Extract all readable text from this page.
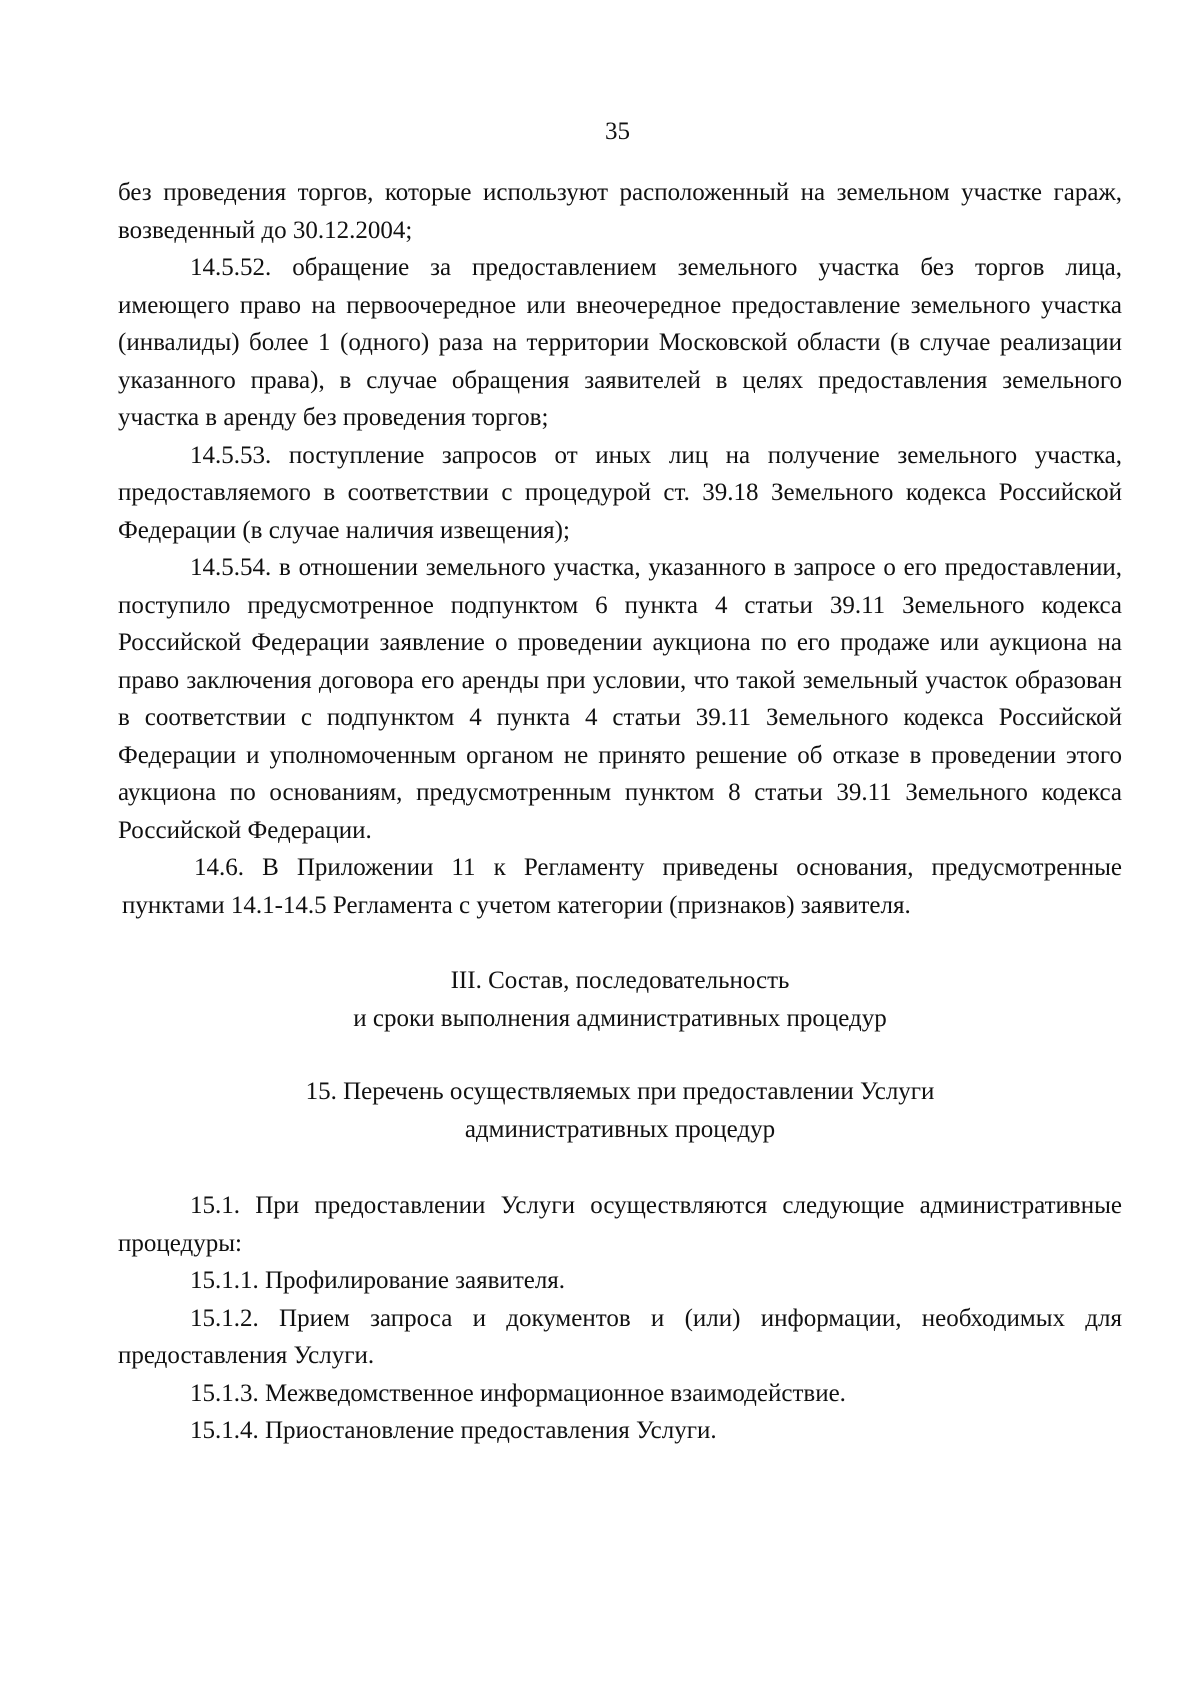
35

без проведения торгов, которые используют расположенный на земельном участке гараж, возведенный до 30.12.2004;

14.5.52. обращение за предоставлением земельного участка без торгов лица, имеющего право на первоочередное или внеочередное предоставление земельного участка (инвалиды) более 1 (одного) раза на территории Московской области (в случае реализации указанного права), в случае обращения заявителей в целях предоставления земельного участка в аренду без проведения торгов;

14.5.53. поступление запросов от иных лиц на получение земельного участка, предоставляемого в соответствии с процедурой ст. 39.18 Земельного кодекса Российской Федерации (в случае наличия извещения);

14.5.54. в отношении земельного участка, указанного в запросе о его предоставлении, поступило предусмотренное подпунктом 6 пункта 4 статьи 39.11 Земельного кодекса Российской Федерации заявление о проведении аукциона по его продаже или аукциона на право заключения договора его аренды при условии, что такой земельный участок образован в соответствии с подпунктом 4 пункта 4 статьи 39.11 Земельного кодекса Российской Федерации и уполномоченным органом не принято решение об отказе в проведении этого аукциона по основаниям, предусмотренным пунктом 8 статьи 39.11 Земельного кодекса Российской Федерации.

14.6. В Приложении 11 к Регламенту приведены основания, предусмотренные пунктами 14.1-14.5 Регламента с учетом категории (признаков) заявителя.

III. Состав, последовательность
и сроки выполнения административных процедур
15. Перечень осуществляемых при предоставлении Услуги
административных процедур

15.1. При предоставлении Услуги осуществляются следующие административные процедуры:

15.1.1. Профилирование заявителя.

15.1.2. Прием запроса и документов и (или) информации, необходимых для предоставления Услуги.

15.1.3. Межведомственное информационное взаимодействие.

15.1.4. Приостановление предоставления Услуги.
